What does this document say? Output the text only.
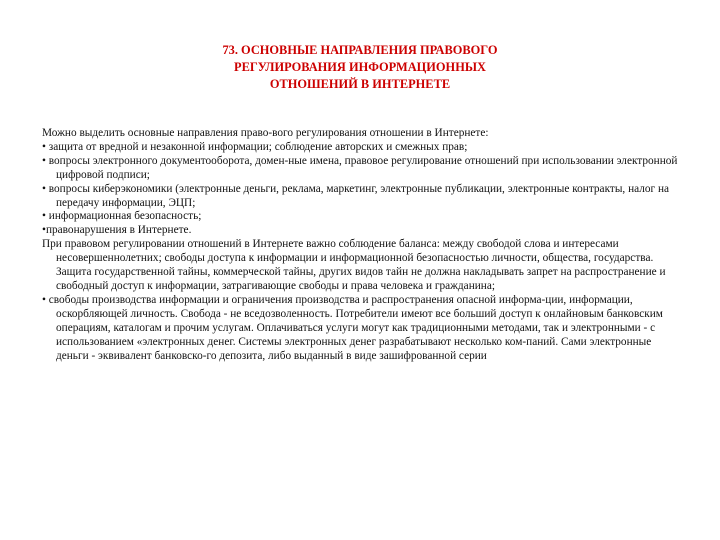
73. ОСНОВНЫЕ НАПРАВЛЕНИЯ ПРАВОВОГО
РЕГУЛИРОВАНИЯ ИНФОРМАЦИОННЫХ
ОТНОШЕНИЙ В ИНТЕРНЕТЕ

Можно выделить основные направления право-вого регулирования отношении в Интернете:

• защита от вредной и незаконной информации; соблюдение авторских и смежных прав;

• вопросы электронного документооборота, домен-ные имена, правовое регулирование отношений при использовании электронной цифровой подписи;

• вопросы киберэкономики (электронные деньги, реклама, маркетинг, электронные публикации, электронные контракты, налог на передачу информации, ЭЦП;

• информационная безопасность;

•правонарушения в Интернете.

При правовом регулировании отношений в Интернете важно соблюдение баланса: между свободой слова и интересами несовершеннолетних; свободы доступа к информации и информационной безопасностью личности, общества, государства. Защита государственной тайны, коммерческой тайны, других видов тайн не должна накладывать запрет на распространение и свободный доступ к информации, затрагивающие свободы и права человека и гражданина;

• свободы производства информации и ограничения производства и распространения опасной информа-ции, информации, оскорбляющей личность. Свобода - не вседозволенность. Потребители имеют все больший доступ к онлайновым банковским операциям, каталогам и прочим услугам. Оплачиваться услуги могут как традиционными методами, так и электронными - с использованием «электронных денег. Системы электронных денег разрабатывают несколько ком-паний. Сами электронные деньги - эквивалент банковско-го депозита, либо выданный в виде зашифрованной серии
